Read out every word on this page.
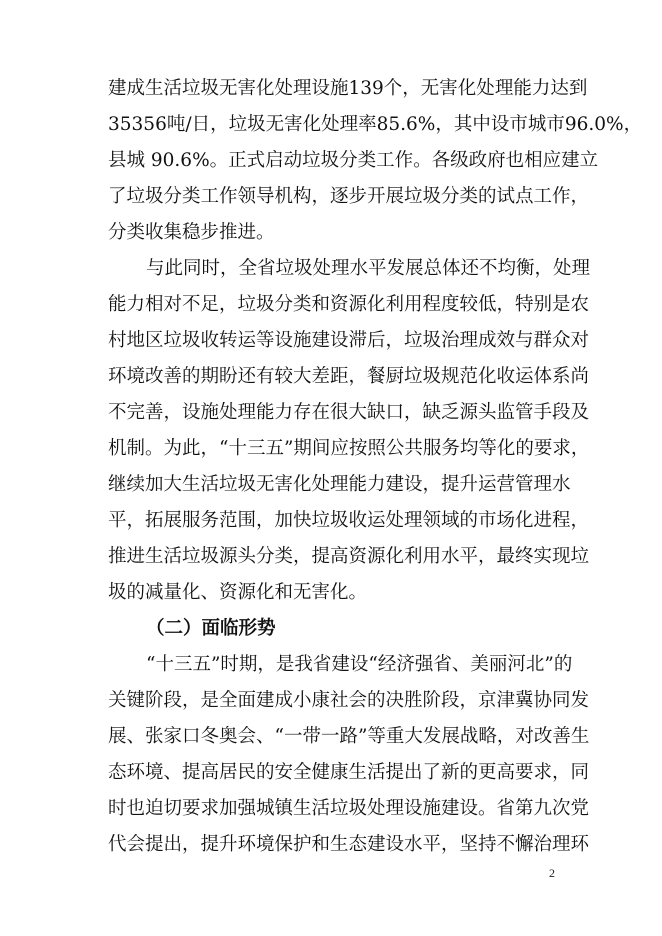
建成生活垃圾无害化处理设施139个，无害化处理能力达到
35356吨/日，垃圾无害化处理率85.6%，其中设市城市96.0%，
县城 90.6%。正式启动垃圾分类工作。各级政府也相应建立
了垃圾分类工作领导机构，逐步开展垃圾分类的试点工作，
分类收集稳步推进。
与此同时，全省垃圾处理水平发展总体还不均衡，处理
能力相对不足，垃圾分类和资源化利用程度较低，特别是农
村地区垃圾收转运等设施建设滞后，垃圾治理成效与群众对
环境改善的期盼还有较大差距，餐厨垃圾规范化收运体系尚
不完善，设施处理能力存在很大缺口，缺乏源头监管手段及
机制。为此，“十三五”期间应按照公共服务均等化的要求，
继续加大生活垃圾无害化处理能力建设，提升运营管理水
平，拓展服务范围，加快垃圾收运处理领域的市场化进程，
推进生活垃圾源头分类，提高资源化利用水平，最终实现垃
圾的减量化、资源化和无害化。
（二）面临形势
“十三五”时期，是我省建设“经济强省、美丽河北”的
关键阶段，是全面建成小康社会的决胜阶段，京津冀协同发
展、张家口冬奥会、“一带一路”等重大发展战略，对改善生
态环境、提高居民的安全健康生活提出了新的更高要求，同
时也迫切要求加强城镇生活垃圾处理设施建设。省第九次党
代会提出，提升环境保护和生态建设水平，坚持不懈治理环
2
